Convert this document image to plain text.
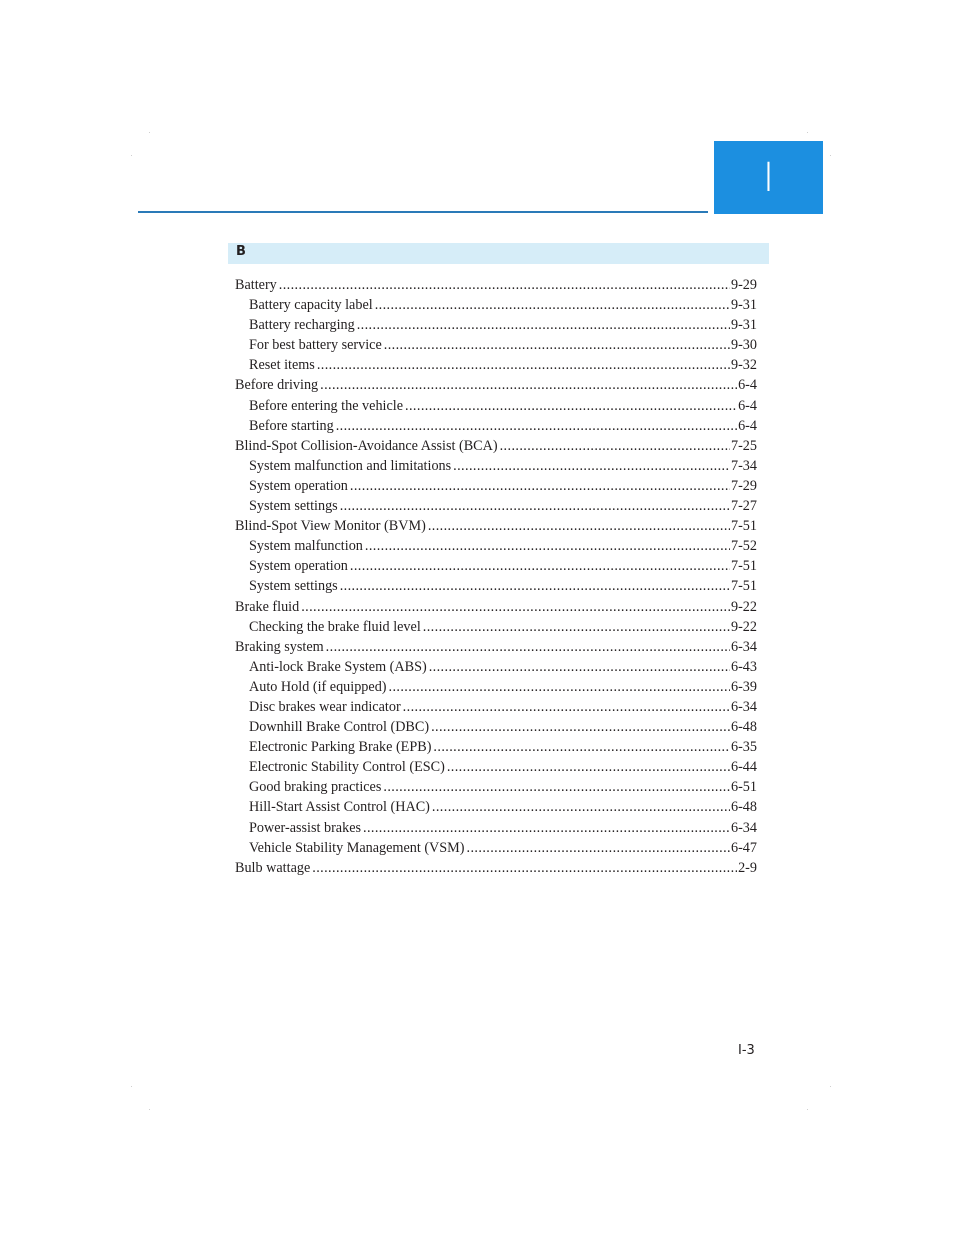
I
B
Battery .....	9-29
Battery capacity label .....	9-31
Battery recharging .....	9-31
For best battery service .....	9-30
Reset items .....	9-32
Before driving .....	6-4
Before entering the vehicle .....	6-4
Before starting .....	6-4
Blind-Spot Collision-Avoidance Assist (BCA) .....	7-25
System malfunction and limitations .....	7-34
System operation .....	7-29
System settings .....	7-27
Blind-Spot View Monitor (BVM) .....	7-51
System malfunction .....	7-52
System operation .....	7-51
System settings .....	7-51
Brake fluid .....	9-22
Checking the brake fluid level .....	9-22
Braking system .....	6-34
Anti-lock Brake System (ABS) .....	6-43
Auto Hold (if equipped) .....	6-39
Disc brakes wear indicator .....	6-34
Downhill Brake Control (DBC) .....	6-48
Electronic Parking Brake (EPB) .....	6-35
Electronic Stability Control (ESC) .....	6-44
Good braking practices .....	6-51
Hill-Start Assist Control (HAC) .....	6-48
Power-assist brakes .....	6-34
Vehicle Stability Management (VSM) .....	6-47
Bulb wattage .....	2-9
I-3
